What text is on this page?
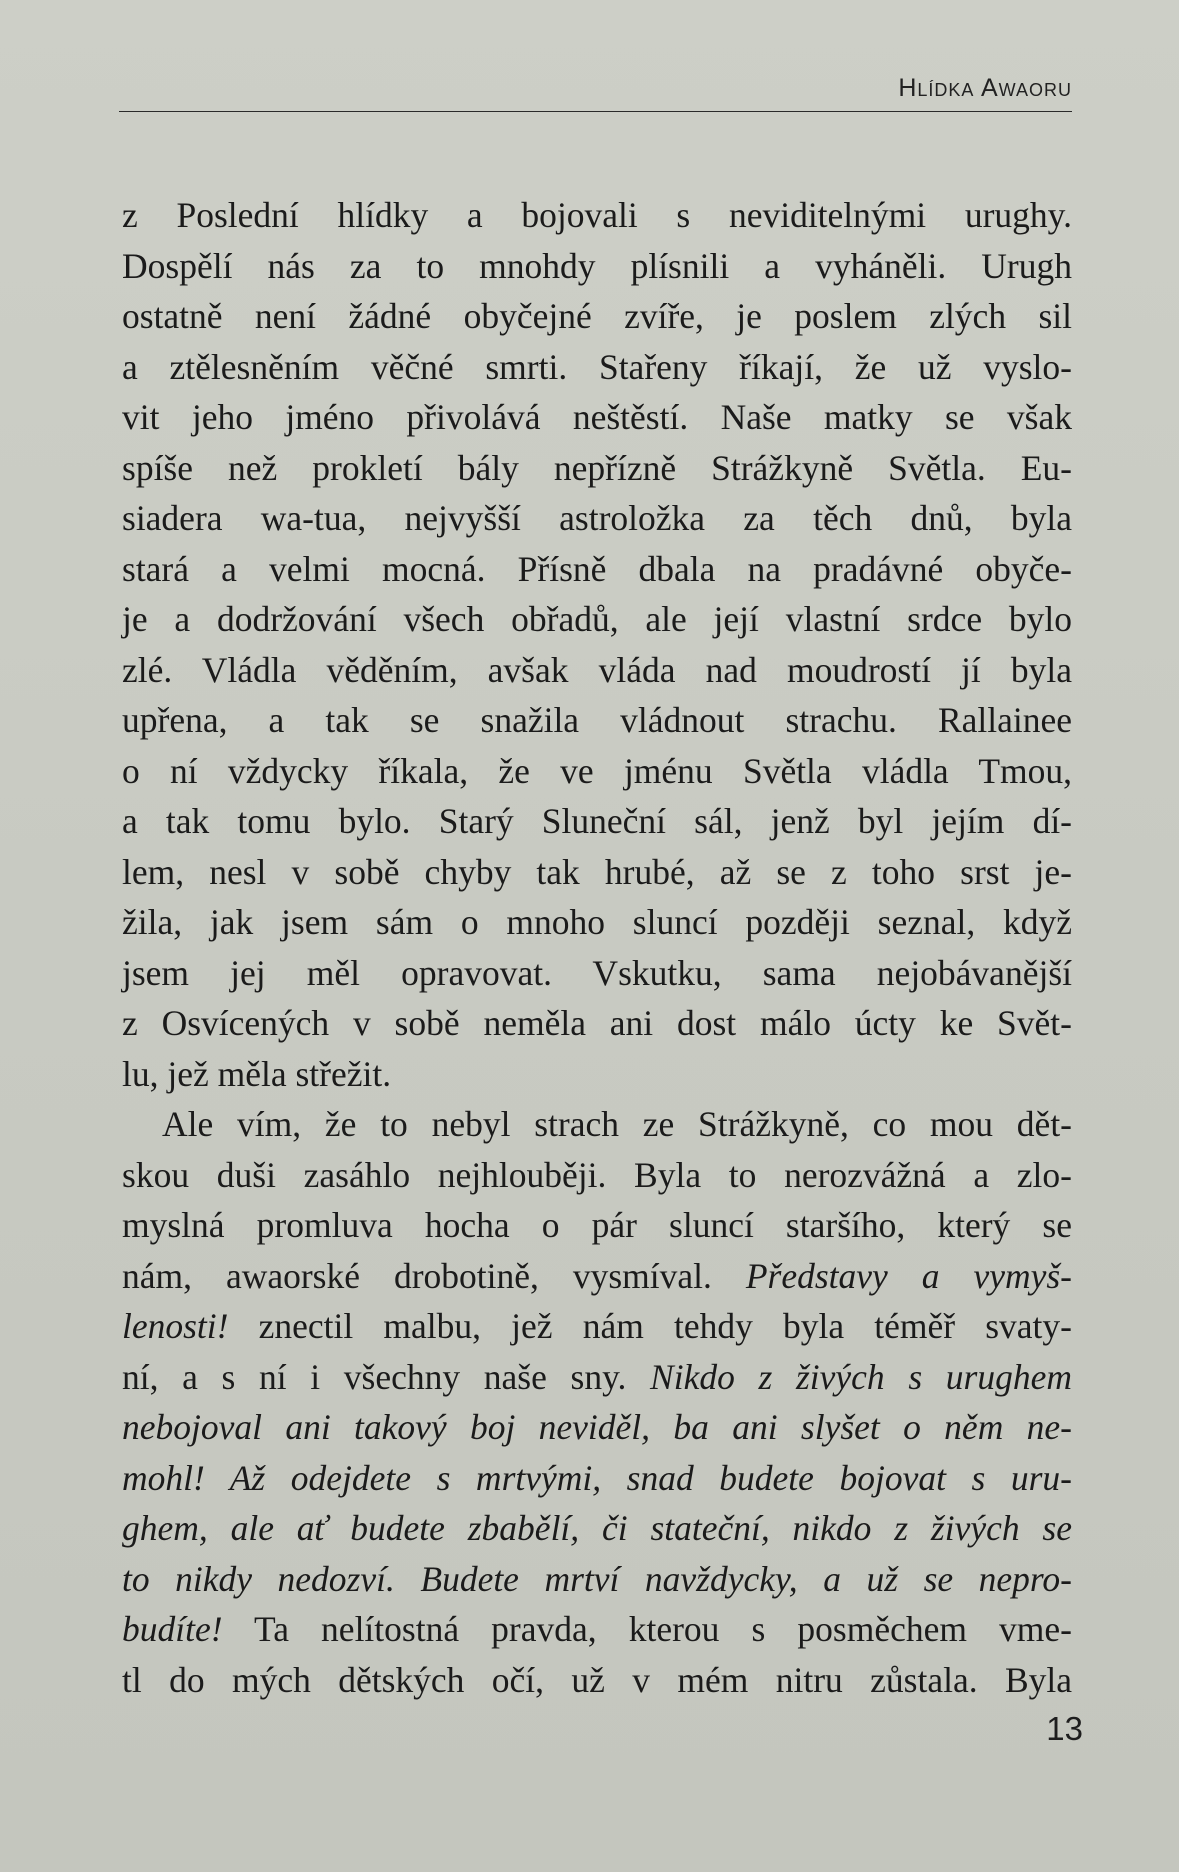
Hlídka Awaoru
z Poslední hlídky a bojovali s neviditelnými urughy.
Dospělí nás za to mnohdy plísnili a vyháněli. Urugh
ostatně není žádné obyčejné zvíře, je poslem zlých sil
a ztělesněním věčné smrti. Stařeny říkají, že už vyslo-
vit jeho jméno přivolává neštěstí. Naše matky se však
spíše než prokletí bály nepřízně Strážkyně Světla. Eu-
siadera wa-tua, nejvyšší astroložka za těch dnů, byla
stará a velmi mocná. Přísně dbala na pradávné obyče-
je a dodržování všech obřadů, ale její vlastní srdce bylo
zlé. Vládla věděním, avšak vláda nad moudrostí jí byla
upřena, a tak se snažila vládnout strachu. Rallainee
o ní vždycky říkala, že ve jménu Světla vládla Tmou,
a tak tomu bylo. Starý Sluneční sál, jenž byl jejím dí-
lem, nesl v sobě chyby tak hrubé, až se z toho srst je-
žila, jak jsem sám o mnoho sluncí později seznal, když
jsem jej měl opravovat. Vskutku, sama nejobávanější
z Osvícených v sobě neměla ani dost málo úcty ke Svět-
lu, jež měla střežit.
Ale vím, že to nebyl strach ze Strážkyně, co mou dět-
skou duši zasáhlo nejhlouběji. Byla to nerozvážná a zlo-
myslná promluva hocha o pár sluncí staršího, který se
nám, awaorské drobotině, vysmíval. Představy a vymyš-
lenosti! znectil malbu, jež nám tehdy byla téměř svaty-
ní, a s ní i všechny naše sny. Nikdo z živých s urughem
nebojoval ani takový boj neviděl, ba ani slyšet o něm ne-
mohl! Až odejdete s mrtvými, snad budete bojovat s uru-
ghem, ale ať budete zbabělí, či stateční, nikdo z živých se
to nikdy nedozví. Budete mrtví navždycky, a už se nepro-
budíte! Ta nelítostná pravda, kterou s posměchem vme-
tl do mých dětských očí, už v mém nitru zůstala. Byla
13
